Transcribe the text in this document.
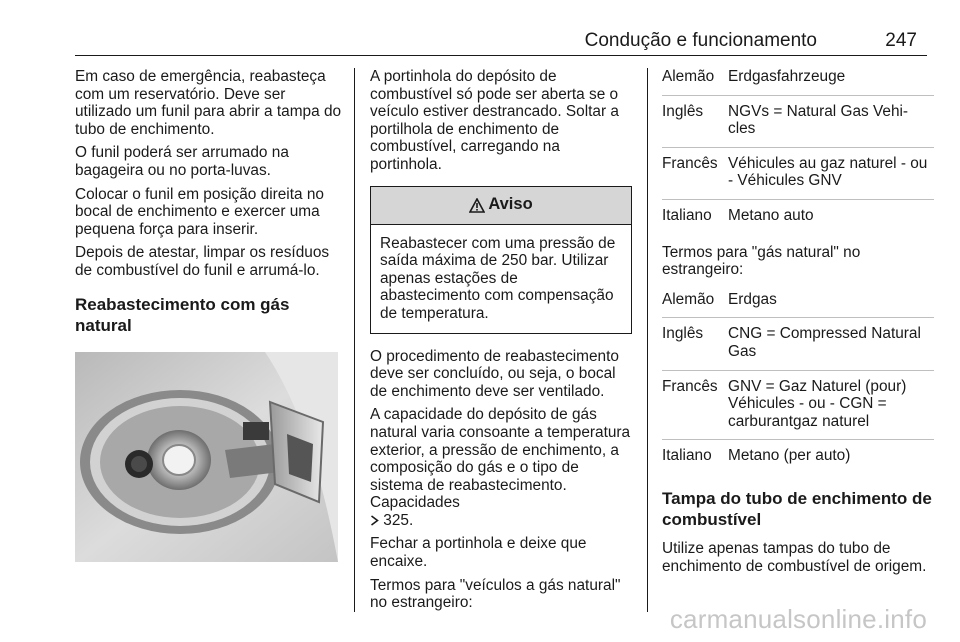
Condução e funcionamento	247

Em caso de emergência, reabasteça com um reservatório. Deve ser utilizado um funil para abrir a tampa do tubo de enchimento.

O funil poderá ser arrumado na bagageira ou no porta-luvas.

Colocar o funil em posição direita no bocal de enchimento e exercer uma pequena força para inserir.

Depois de atestar, limpar os resíduos de combustível do funil e arrumá-lo.

Reabastecimento com gás natural

A portinhola do depósito de combustível só pode ser aberta se o veículo estiver destrancado. Soltar a portilhola de enchimento de combustível, carregando na portinhola.

Aviso
Reabastecer com uma pressão de saída máxima de 250 bar. Utilizar apenas estações de abastecimento com compensação de temperatura.

O procedimento de reabastecimento deve ser concluído, ou seja, o bocal de enchimento deve ser ventilado.

A capacidade do depósito de gás natural varia consoante a temperatura exterior, a pressão de enchimento, a composição do gás e o tipo de sistema de reabastecimento. Capacidades
325.

Fechar a portinhola e deixe que encaixe.

Termos para "veículos a gás natural" no estrangeiro:

Alemão Erdgasfahrzeuge
Inglês	NGVs = Natural Gas Vehi-cles
Francês Véhicules au gaz naturel - ou - Véhicules GNV
Italiano	Metano auto

Termos para "gás natural" no estrangeiro:

Alemão Erdgas
Inglês	CNG = Compressed Natural Gas
Francês GNV = Gaz Naturel (pour) Véhicules - ou - CGN = carburantgaz naturel
Italiano	Metano (per auto)
Tampa do tubo de enchimento de combustível

Utilize apenas tampas do tubo de enchimento de combustível de origem.

carmanualsonline.info
